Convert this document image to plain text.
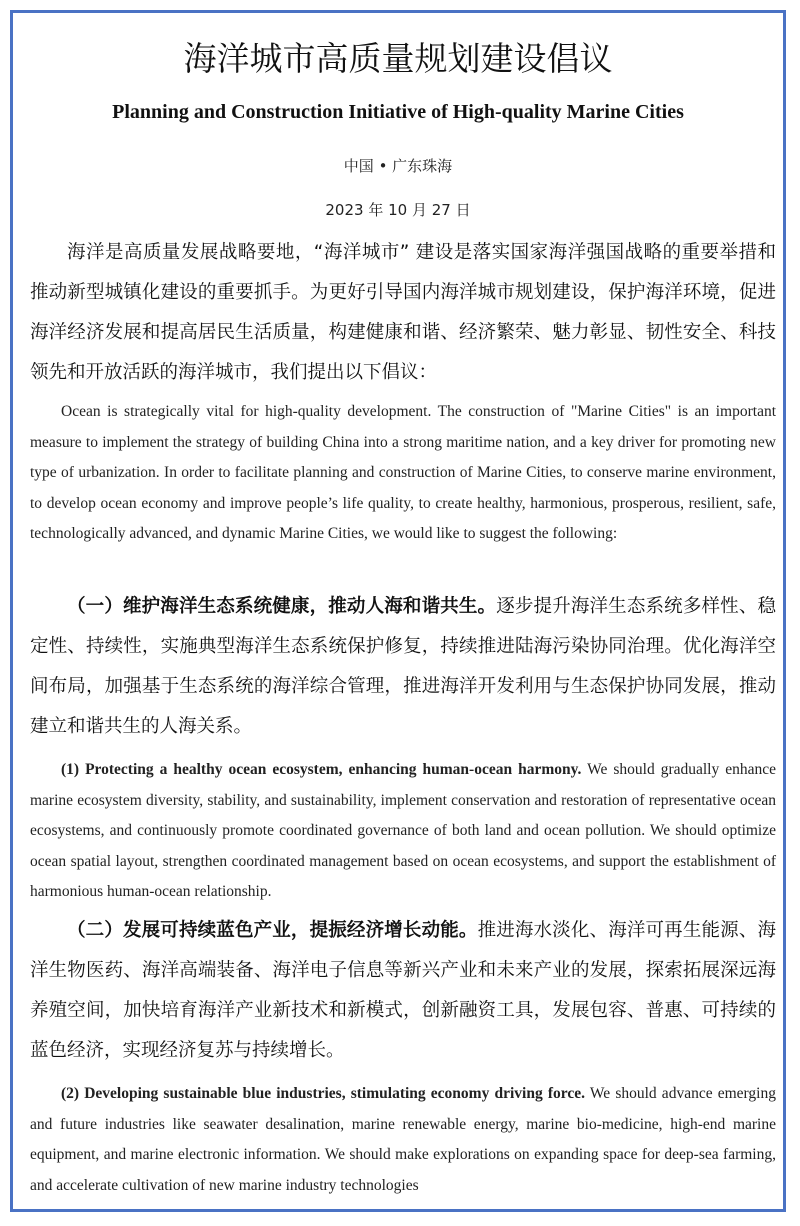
海洋城市高质量规划建设倡议
Planning and Construction Initiative of High-quality Marine Cities
中国 • 广东珠海
2023 年 10 月 27 日

海洋是高质量发展战略要地，“海洋城市” 建设是落实国家海洋强国战略的重要举措和推动新型城镇化建设的重要抓手。为更好引导国内海洋城市规划建设，保护海洋环境，促进海洋经济发展和提高居民生活质量，构建健康和谐、经济繁荣、魅力彰显、韧性安全、科技领先和开放活跃的海洋城市，我们提出以下倡议：

Ocean is strategically vital for high-quality development. The construction of "Marine Cities" is an important measure to implement the strategy of building China into a strong maritime nation, and a key driver for promoting new type of urbanization. In order to facilitate planning and construction of Marine Cities, to conserve marine environment, to develop ocean economy and improve people’s life quality, to create healthy, harmonious, prosperous, resilient, safe, technologically advanced, and dynamic Marine Cities, we would like to suggest the following:

（一）维护海洋生态系统健康，推动人海和谐共生。逐步提升海洋生态系统多样性、稳定性、持续性，实施典型海洋生态系统保护修复，持续推进陆海污染协同治理。优化海洋空间布局，加强基于生态系统的海洋综合管理，推进海洋开发利用与生态保护协同发展，推动建立和谐共生的人海关系。

(1) Protecting a healthy ocean ecosystem, enhancing human-ocean harmony. We should gradually enhance marine ecosystem diversity, stability, and sustainability, implement conservation and restoration of representative ocean ecosystems, and continuously promote coordinated governance of both land and ocean pollution. We should optimize ocean spatial layout, strengthen coordinated management based on ocean ecosystems, and support the establishment of harmonious human-ocean relationship.

（二）发展可持续蓝色产业，提振经济增长动能。推进海水淡化、海洋可再生能源、海洋生物医药、海洋高端装备、海洋电子信息等新兴产业和未来产业的发展，探索拓展深远海养殖空间，加快培育海洋产业新技术和新模式，创新融资工具，发展包容、普惠、可持续的蓝色经济，实现经济复苏与持续增长。

(2) Developing sustainable blue industries, stimulating economy driving force. We should advance emerging and future industries like seawater desalination, marine renewable energy, marine bio-medicine, high-end marine equipment, and marine electronic information. We should make explorations on expanding space for deep-sea farming, and accelerate cultivation of new marine industry technologies
